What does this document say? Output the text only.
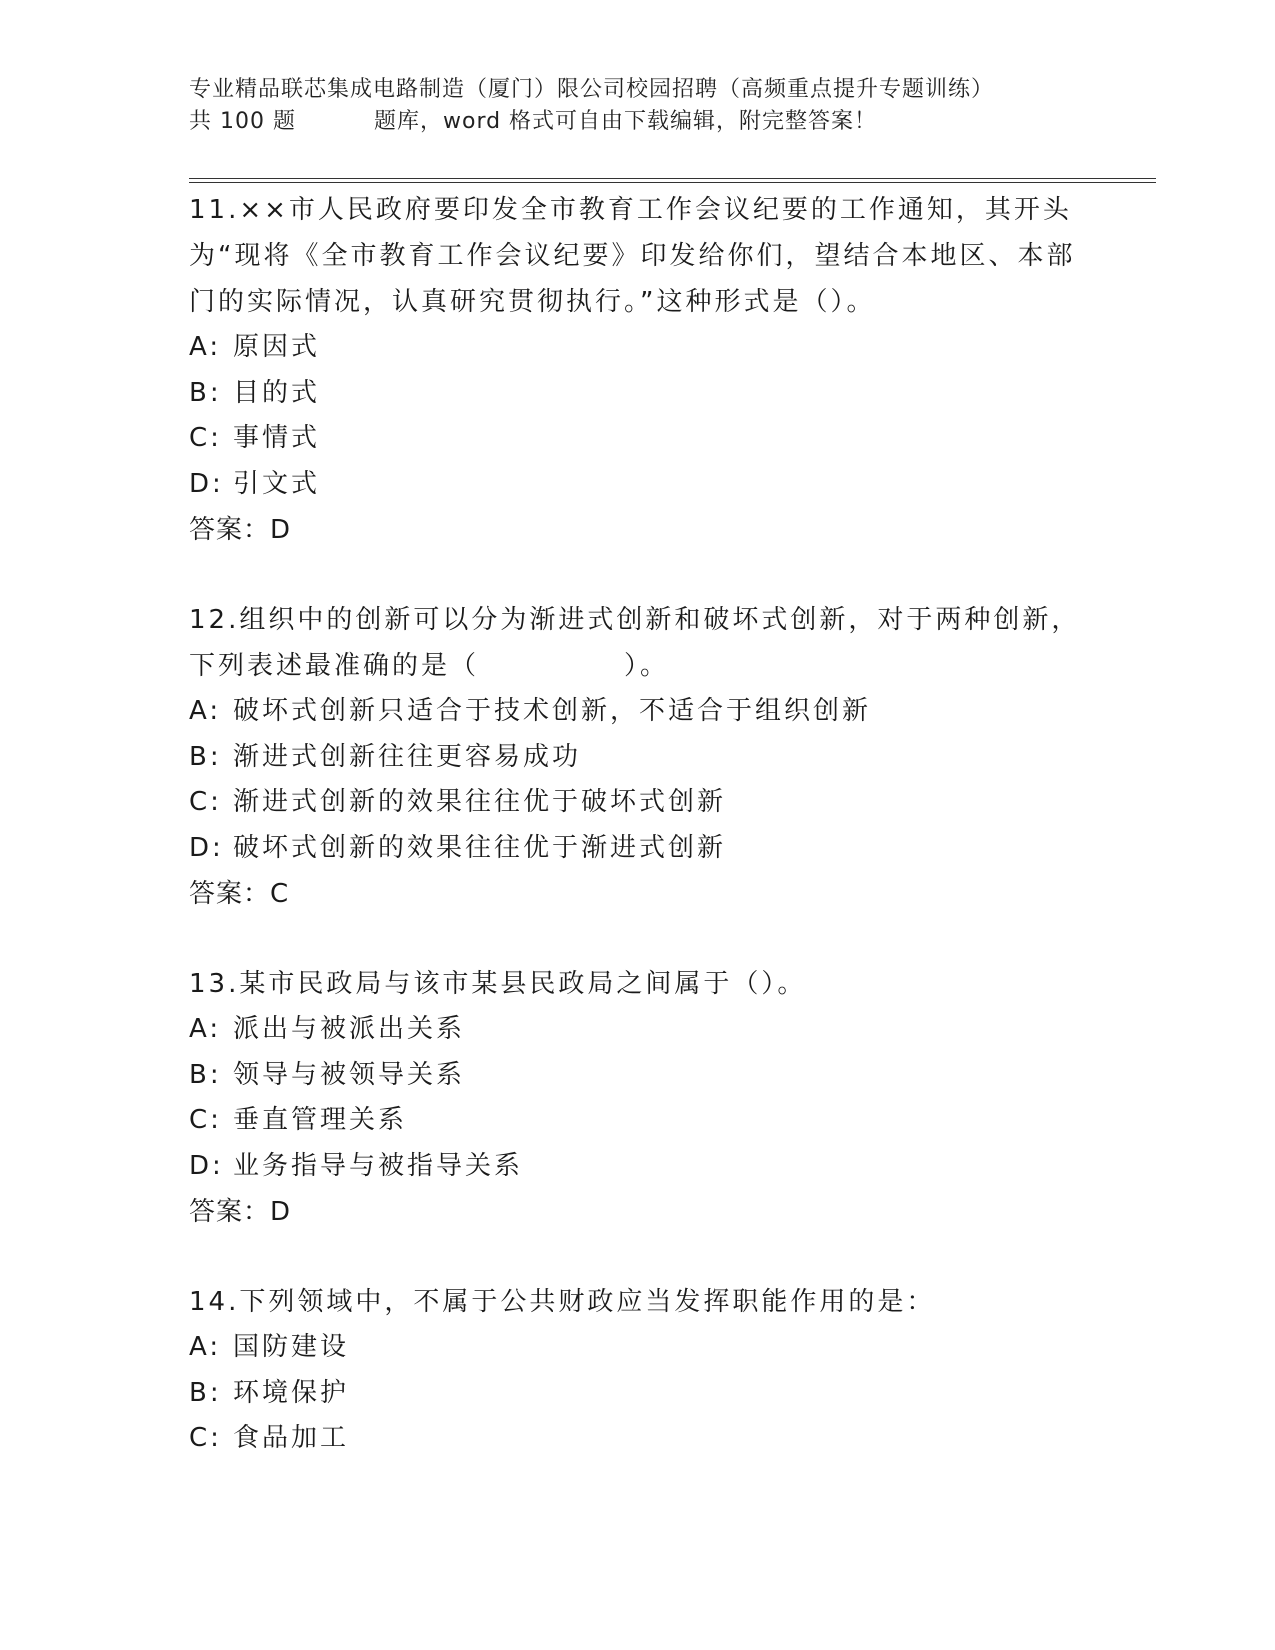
专业精品联芯集成电路制造（厦门）限公司校园招聘（高频重点提升专题训练）
共 100 题	题库，word 格式可自由下载编辑，附完整答案！

11.××市人民政府要印发全市教育工作会议纪要的工作通知，其开头为“现将《全市教育工作会议纪要》印发给你们，望结合本地区、本部门的实际情况，认真研究贯彻执行。”这种形式是（）。

A: 原因式

B: 目的式

C: 事情式

D: 引文式

答案：D

12.组织中的创新可以分为渐进式创新和破坏式创新，对于两种创新，下列表述最准确的是（　　　　　）。

A: 破坏式创新只适合于技术创新，不适合于组织创新

B: 渐进式创新往往更容易成功

C: 渐进式创新的效果往往优于破坏式创新

D: 破坏式创新的效果往往优于渐进式创新

答案：C

13.某市民政局与该市某县民政局之间属于（）。

A: 派出与被派出关系

B: 领导与被领导关系

C: 垂直管理关系

D: 业务指导与被指导关系

答案：D

14.下列领域中，不属于公共财政应当发挥职能作用的是：

A: 国防建设

B: 环境保护

C: 食品加工
